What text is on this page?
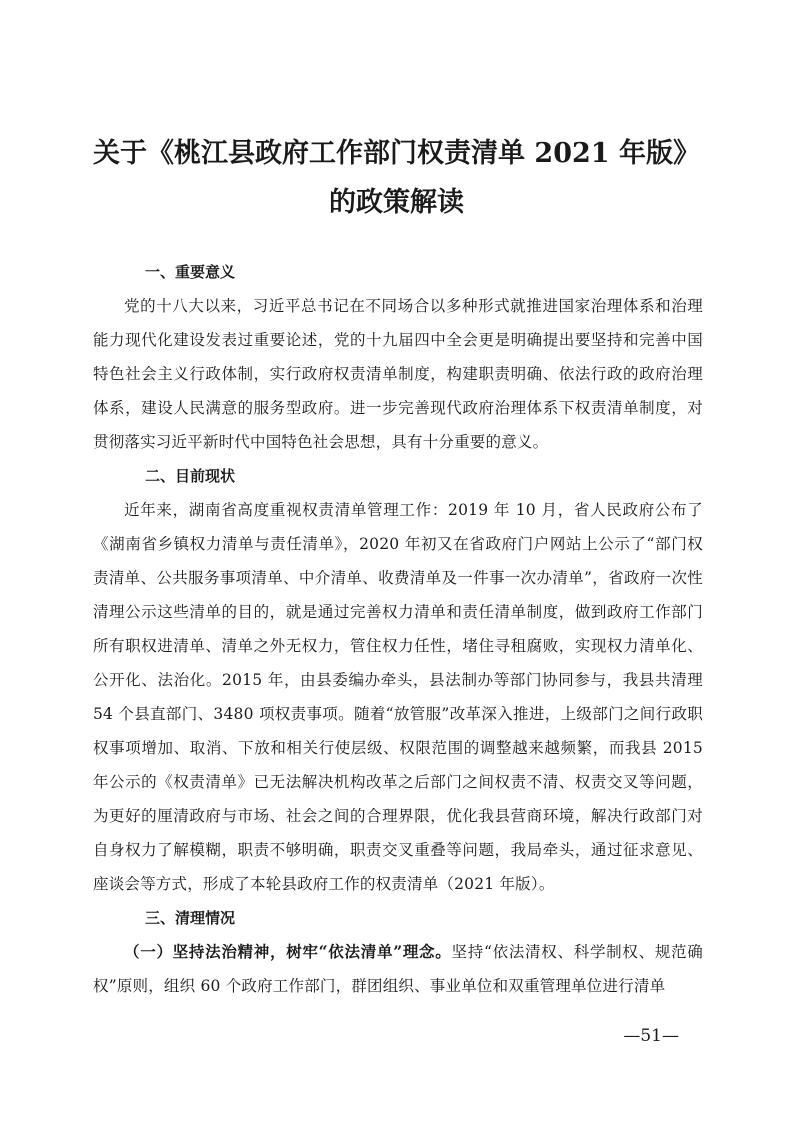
关于《桃江县政府工作部门权责清单 2021 年版》
的政策解读
一、重要意义

党的十八大以来，习近平总书记在不同场合以多种形式就推进国家治理体系和治理能力现代化建设发表过重要论述，党的十九届四中全会更是明确提出要坚持和完善中国特色社会主义行政体制，实行政府权责清单制度，构建职责明确、依法行政的政府治理体系，建设人民满意的服务型政府。进一步完善现代政府治理体系下权责清单制度，对贯彻落实习近平新时代中国特色社会思想，具有十分重要的意义。

二、目前现状

近年来，湖南省高度重视权责清单管理工作：2019 年 10 月，省人民政府公布了《湖南省乡镇权力清单与责任清单》，2020 年初又在省政府门户网站上公示了“部门权责清单、公共服务事项清单、中介清单、收费清单及一件事一次办清单”，省政府一次性清理公示这些清单的目的，就是通过完善权力清单和责任清单制度，做到政府工作部门所有职权进清单、清单之外无权力，管住权力任性，堵住寻租腐败，实现权力清单化、公开化、法治化。2015 年，由县委编办牵头，县法制办等部门协同参与，我县共清理 54 个县直部门、3480 项权责事项。随着“放管服”改革深入推进，上级部门之间行政职权事项增加、取消、下放和相关行使层级、权限范围的调整越来越频繁，而我县 2015 年公示的《权责清单》已无法解决机构改革之后部门之间权责不清、权责交叉等问题，为更好的厘清政府与市场、社会之间的合理界限，优化我县营商环境，解决行政部门对自身权力了解模糊，职责不够明确，职责交叉重叠等问题，我局牵头，通过征求意见、座谈会等方式，形成了本轮县政府工作的权责清单（2021 年版）。

三、清理情况

（一）坚持法治精神，树牢“依法清单”理念。坚持“依法清权、科学制权、规范确权”原则，组织 60 个政府工作部门，群团组织、事业单位和双重管理单位进行清单

—51—
